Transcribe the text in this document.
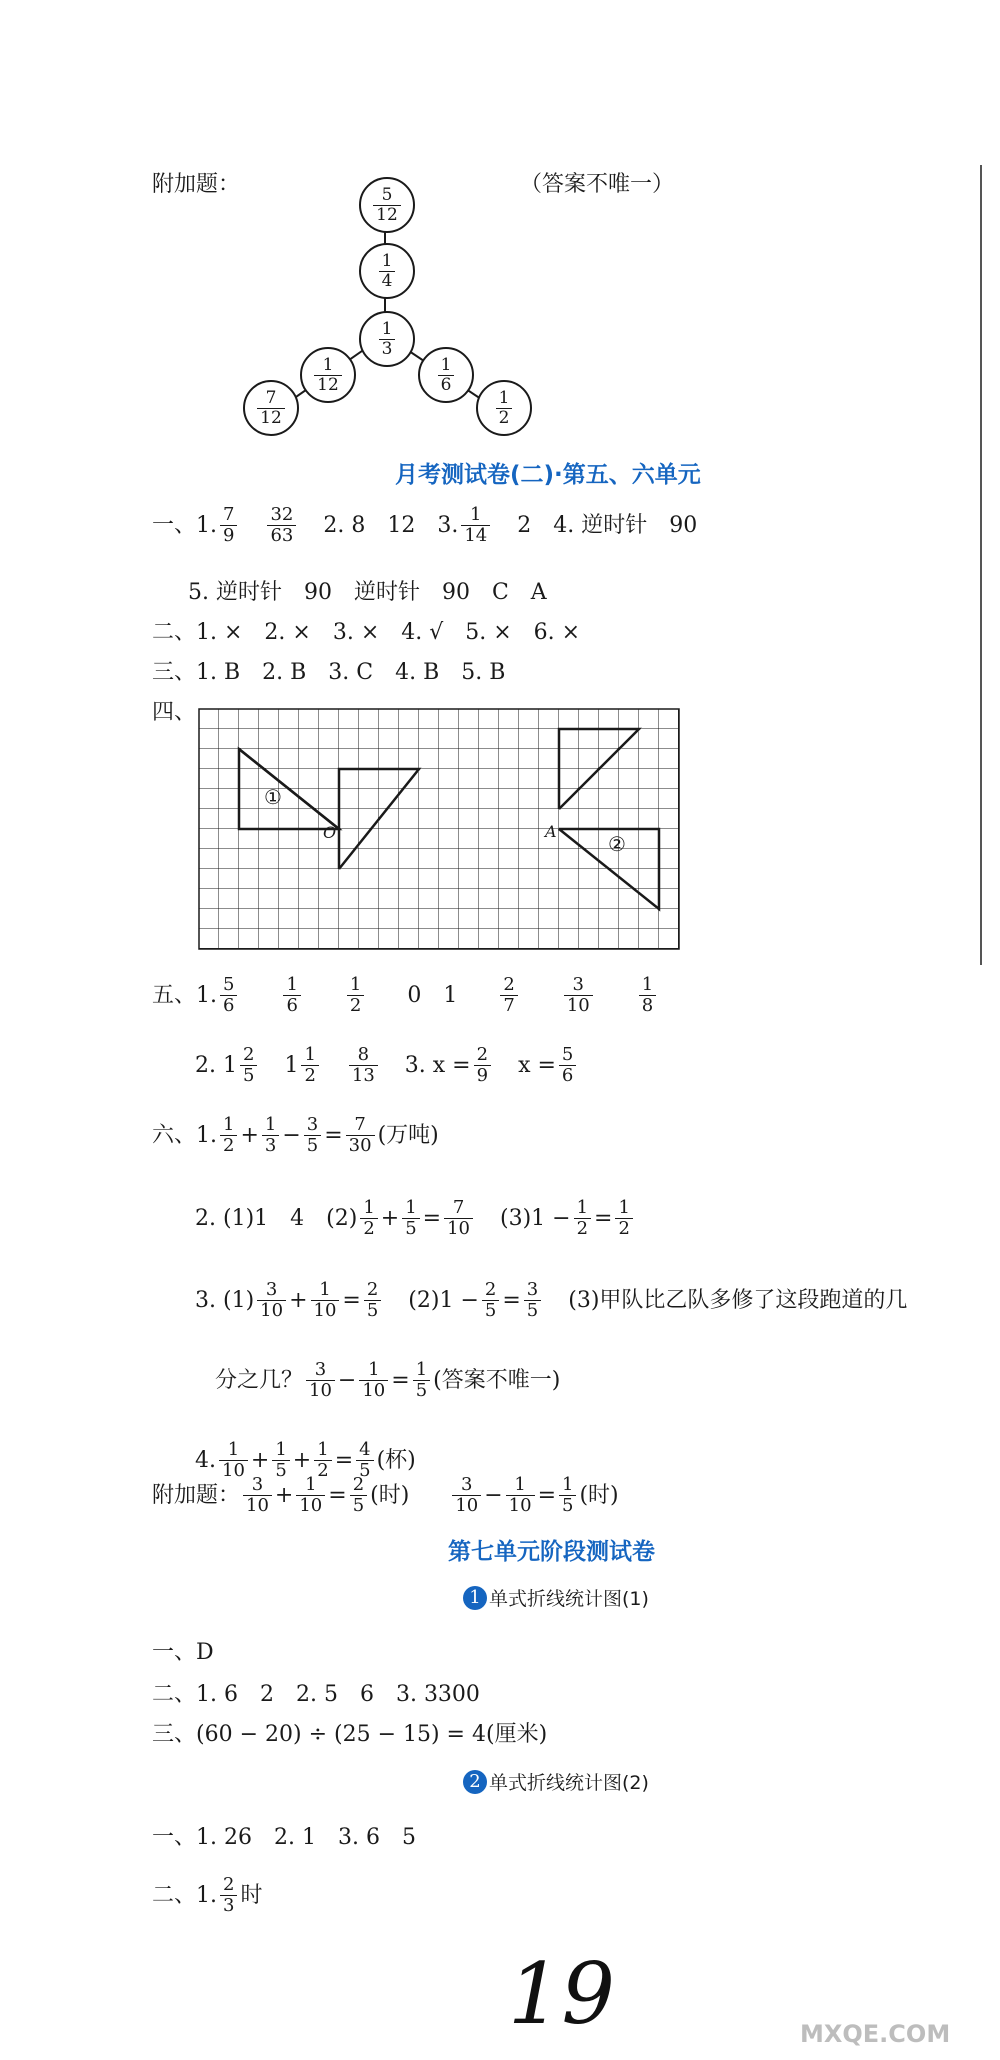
附加题：	（答案不唯一）
$\frac{5}{12}$
$\frac{1}{4}$
$\frac{1}{3}$
$\frac{1}{12}$
$\frac{7}{12}$
$\frac{1}{6}$
$\frac{1}{2}$
月考测试卷(二)·第五、六单元
一、1. $\frac{7}{9} \frac{32}{63} 2$. 8　12　3. $\frac{1}{14} 2$　4. 逆时针　90
5. 逆时针　90　逆时针　90　C　A
二、1. ×　2. ×　3. ×　4. √　5. ×　6. ×
三、1. B　2. B　3. C　4. B　5. B
四、
①
O	A
②
五、1. $\frac{5}{6}$	$\frac{1}{6}$	$\frac{1}{2} 0$　$1 \frac{2}{7}$	$\frac{3}{10}$	$\frac{1}{8}$
2. $1 \frac{2}{5} 1 \frac{1}{2} \frac{8}{13} 3$. $x = \frac{2}{9}$ $x = \frac{5}{6}$
六、1. $\frac{1}{2} + \frac{1}{3} - \frac{3}{5} = \frac{7}{30}$ (万吨)
2. (1)1　4　$(2) \frac{1}{2} + \frac{1}{5} = \frac{7}{10} (3)1 - \frac{1}{2} = \frac{1}{2}$
3. $(1) \frac{3}{10} + \frac{1}{10} = \frac{2}{5} (2)1 - \frac{2}{5} = \frac{3}{5} (3)$甲队比乙队多修了这段跑道的几
分之几？ $\frac{3}{10} - \frac{1}{10} = \frac{1}{5}$ (答案不唯一)
4. $\frac{1}{10} + \frac{1}{5} + \frac{1}{2} = \frac{4}{5}$ (杯)
附加题： $\frac{3}{10} + \frac{1}{10} = \frac{2}{5}$ (时) $\frac{3}{10} - \frac{1}{10} = \frac{1}{5}$ (时)
第七单元阶段测试卷
1 单式折线统计图(1)
一、D
二、1. 6　2　2. 5　6　3. 3300
三、(60 − 20) ÷ (25 − 15) = 4(厘米)
2 单式折线统计图(2)
一、1. 26　2. 1　3. 6　5
二、1. $\frac{2}{3}$ 时
19	MXQE.COM
